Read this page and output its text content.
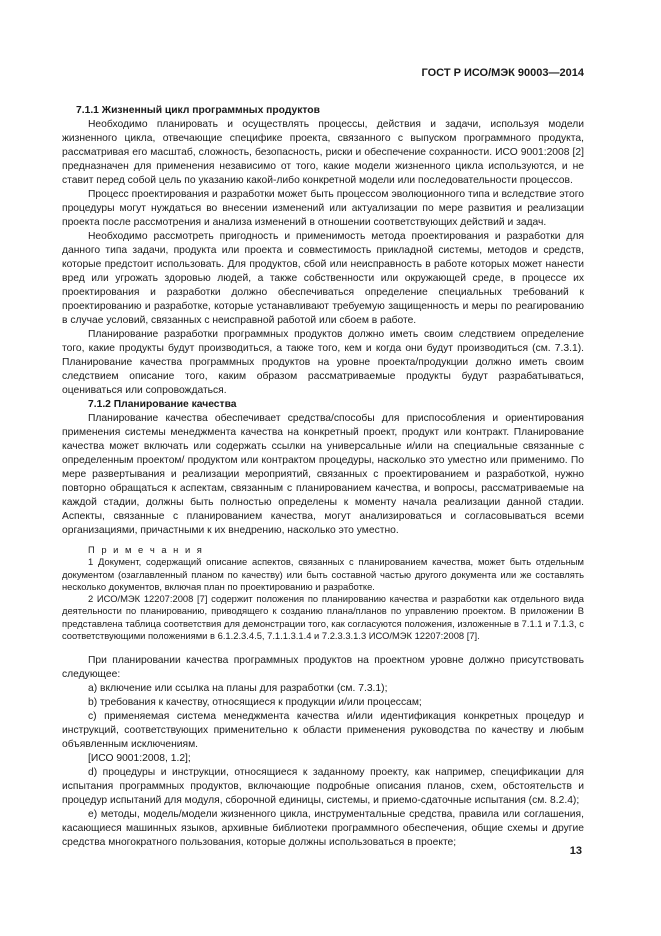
ГОСТ Р ИСО/МЭК 90003—2014
7.1.1 Жизненный цикл программных продуктов

Необходимо планировать и осуществлять процессы, действия и задачи, используя модели жизненного цикла, отвечающие специфике проекта, связанного с выпуском программного продукта, рассматривая его масштаб, сложность, безопасность, риски и обеспечение сохранности. ИСО 9001:2008 [2] предназначен для применения независимо от того, какие модели жизненного цикла используются, и не ставит перед собой цель по указанию какой-либо конкретной модели или последовательности процессов.

Процесс проектирования и разработки может быть процессом эволюционного типа и вследствие этого процедуры могут нуждаться во внесении изменений или актуализации по мере развития и реализации проекта после рассмотрения и анализа изменений в отношении соответствующих действий и задач.

Необходимо рассмотреть пригодность и применимость метода проектирования и разработки для данного типа задачи, продукта или проекта и совместимость прикладной системы, методов и средств, которые предстоит использовать. Для продуктов, сбой или неисправность в работе которых может нанести вред или угрожать здоровью людей, а также собственности или окружающей среде, в процессе их проектирования и разработки должно обеспечиваться определение специальных требований к проектированию и разработке, которые устанавливают требуемую защищенность и меры по реагированию в случае условий, связанных с неисправной работой или сбоем в работе.

Планирование разработки программных продуктов должно иметь своим следствием определение того, какие продукты будут производиться, а также того, кем и когда они будут производиться (см. 7.3.1). Планирование качества программных продуктов на уровне проекта/продукции должно иметь своим следствием описание того, каким образом рассматриваемые продукты будут разрабатываться, оцениваться или сопровождаться.

7.1.2 Планирование качества

Планирование качества обеспечивает средства/способы для приспособления и ориентирования применения системы менеджмента качества на конкретный проект, продукт или контракт. Планирование качества может включать или содержать ссылки на универсальные и/или на специальные связанные с определенным проектом/ продуктом или контрактом процедуры, насколько это уместно или применимо. По мере развертывания и реализации мероприятий, связанных с проектированием и разработкой, нужно повторно обращаться к аспектам, связанным с планированием качества, и вопросы, рассматриваемые на каждой стадии, должны быть полностью определены к моменту начала реализации данной стадии. Аспекты, связанные с планированием качества, могут анализироваться и согласовываться всеми организациями, причастными к их внедрению, насколько это уместно.

П р и м е ч а н и я

1 Документ, содержащий описание аспектов, связанных с планированием качества, может быть отдельным документом (озаглавленный планом по качеству) или быть составной частью другого документа или же составлять несколько документов, включая план по проектированию и разработке.

2 ИСО/МЭК 12207:2008 [7] содержит положения по планированию качества и разработки как отдельного вида деятельности по планированию, приводящего к созданию плана/планов по управлению проектом. В приложении В представлена таблица соответствия для демонстрации того, как согласуются положения, изложенные в 7.1.1 и 7.1.3, с соответствующими положениями в 6.1.2.3.4.5, 7.1.1.3.1.4 и 7.2.3.3.1.3 ИСО/МЭК 12207:2008 [7].

При планировании качества программных продуктов на проектном уровне должно присутствовать следующее:

a) включение или ссылка на планы для разработки (см. 7.3.1);

b) требования к качеству, относящиеся к продукции и/или процессам;

c) применяемая система менеджмента качества и/или идентификация конкретных процедур и инструкций, соответствующих применительно к области применения руководства по качеству и любым объявленным исключениям.

[ИСО 9001:2008, 1.2];

d) процедуры и инструкции, относящиеся к заданному проекту, как например, спецификации для испытания программных продуктов, включающие подробные описания планов, схем, обстоятельств и процедур испытаний для модуля, сборочной единицы, системы, и приемо-сдаточные испытания (см. 8.2.4);

e) методы, модель/модели жизненного цикла, инструментальные средства, правила или соглашения, касающиеся машинных языков, архивные библиотеки программного обеспечения, общие схемы и другие средства многократного пользования, которые должны использоваться в проекте;

13
